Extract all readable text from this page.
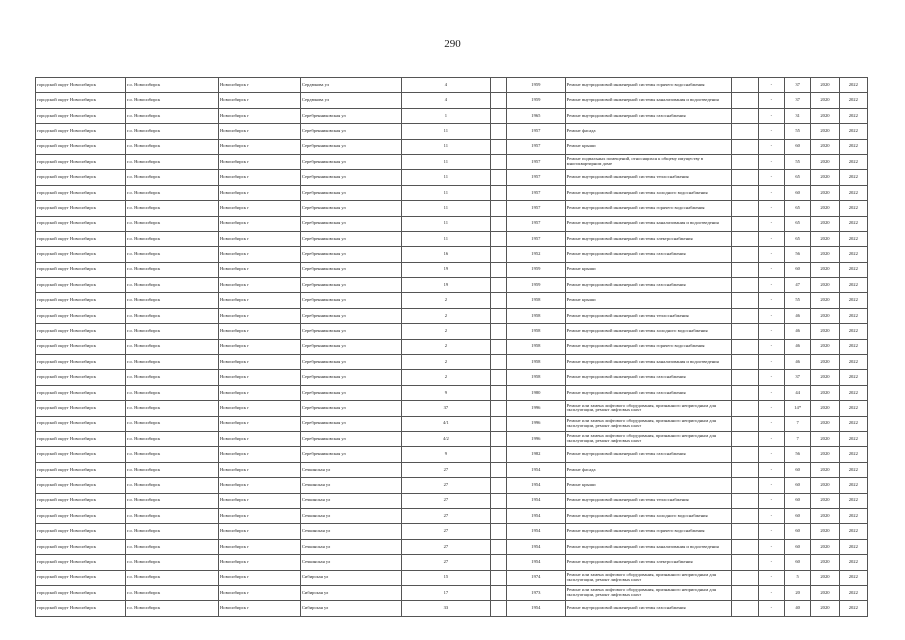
290
городской округ Новосибирск	г.о. Новосибирск	Новосибирск г	Сердюкова ул	4		1959	Ремонт внутридомовой инженерной системы горячего водоснабжения		-	37	2020	2022
городской округ Новосибирск	г.о. Новосибирск	Новосибирск г	Сердюкова ул	4		1959	Ремонт внутридомовой инженерной системы канализования и водоотведения		-	37	2020	2022
городской округ Новосибирск	г.о. Новосибирск	Новосибирск г	Серебренниковская ул	1		1965	Ремонт внутридомовой инженерной системы газоснабжения		-	31	2020	2022
городской округ Новосибирск	г.о. Новосибирск	Новосибирск г	Серебренниковская ул	11		1957	Ремонт фасада		-	55	2020	2022
городской округ Новосибирск	г.о. Новосибирск	Новосибирск г	Серебренниковская ул	11		1957	Ремонт крыши		-	60	2020	2022
городской округ Новосибирск	г.о. Новосибирск	Новосибирск г	Серебренниковская ул	11		1957	Ремонт подвальных помещений, относящихся к общему имуществу в многоквартирном доме		-	55	2020	2022
городской округ Новосибирск	г.о. Новосибирск	Новосибирск г	Серебренниковская ул	11		1957	Ремонт внутридомовой инженерной системы теплоснабжения		-	65	2020	2022
городской округ Новосибирск	г.о. Новосибирск	Новосибирск г	Серебренниковская ул	11		1957	Ремонт внутридомовой инженерной системы холодного водоснабжения		-	60	2020	2022
городской округ Новосибирск	г.о. Новосибирск	Новосибирск г	Серебренниковская ул	11		1957	Ремонт внутридомовой инженерной системы горячего водоснабжения		-	65	2020	2022
городской округ Новосибирск	г.о. Новосибирск	Новосибирск г	Серебренниковская ул	11		1957	Ремонт внутридомовой инженерной системы канализования и водоотведения		-	65	2020	2022
городской округ Новосибирск	г.о. Новосибирск	Новосибирск г	Серебренниковская ул	11		1957	Ремонт внутридомовой инженерной системы электроснабжения		-	65	2020	2022
городской округ Новосибирск	г.о. Новосибирск	Новосибирск г	Серебренниковская ул	16		1952	Ремонт внутридомовой инженерной системы газоснабжения		-	56	2020	2022
городской округ Новосибирск	г.о. Новосибирск	Новосибирск г	Серебренниковская ул	19		1959	Ремонт крыши		-	60	2020	2022
городской округ Новосибирск	г.о. Новосибирск	Новосибирск г	Серебренниковская ул	19		1959	Ремонт внутридомовой инженерной системы газоснабжения		-	47	2020	2022
городской округ Новосибирск	г.о. Новосибирск	Новосибирск г	Серебренниковская ул	2		1958	Ремонт крыши		-	55	2020	2022
городской округ Новосибирск	г.о. Новосибирск	Новосибирск г	Серебренниковская ул	2		1958	Ремонт внутридомовой инженерной системы теплоснабжения		-	46	2020	2022
городской округ Новосибирск	г.о. Новосибирск	Новосибирск г	Серебренниковская ул	2		1958	Ремонт внутридомовой инженерной системы холодного водоснабжения		-	46	2020	2022
городской округ Новосибирск	г.о. Новосибирск	Новосибирск г	Серебренниковская ул	2		1958	Ремонт внутридомовой инженерной системы горячего водоснабжения		-	46	2020	2022
городской округ Новосибирск	г.о. Новосибирск	Новосибирск г	Серебренниковская ул	2		1958	Ремонт внутридомовой инженерной системы канализования и водоотведения		-	46	2020	2022
городской округ Новосибирск	г.о. Новосибирск	Новосибирск г	Серебренниковская ул	2		1958	Ремонт внутридомовой инженерной системы газоснабжения		-	37	2020	2022
городской округ Новосибирск	г.о. Новосибирск	Новосибирск г	Серебренниковская ул	9		1980	Ремонт внутридомовой инженерной системы газоснабжения		-	44	2020	2022
городской округ Новосибирск	г.о. Новосибирск	Новосибирск г	Серебренниковская ул	37		1996	Ремонт или замена лифтового оборудования, признанного непригодным для эксплуатации, ремонт лифтовых шахт		-	14*	2020	2022
городской округ Новосибирск	г.о. Новосибирск	Новосибирск г	Серебренниковская ул	4/1		1996	Ремонт или замена лифтового оборудования, признанного непригодным для эксплуатации, ремонт лифтовых шахт		-	7	2020	2022
городской округ Новосибирск	г.о. Новосибирск	Новосибирск г	Серебренниковская ул	4/2		1996	Ремонт или замена лифтового оборудования, признанного непригодным для эксплуатации, ремонт лифтовых шахт		-	7	2020	2022
городской округ Новосибирск	г.о. Новосибирск	Новосибирск г	Серебренниковская ул	9		1982	Ремонт внутридомовой инженерной системы газоснабжения		-	56	2020	2022
городской округ Новосибирск	г.о. Новосибирск	Новосибирск г	Сечкинская ул	27		1954	Ремонт фасада		-	60	2020	2022
городской округ Новосибирск	г.о. Новосибирск	Новосибирск г	Сечкинская ул	27		1954	Ремонт крыши		-	60	2020	2022
городской округ Новосибирск	г.о. Новосибирск	Новосибирск г	Сечкинская ул	27		1954	Ремонт внутридомовой инженерной системы теплоснабжения		-	60	2020	2022
городской округ Новосибирск	г.о. Новосибирск	Новосибирск г	Сечкинская ул	27		1954	Ремонт внутридомовой инженерной системы холодного водоснабжения		-	60	2020	2022
городской округ Новосибирск	г.о. Новосибирск	Новосибирск г	Сечкинская ул	27		1954	Ремонт внутридомовой инженерной системы горячего водоснабжения		-	60	2020	2022
городской округ Новосибирск	г.о. Новосибирск	Новосибирск г	Сечкинская ул	27		1954	Ремонт внутридомовой инженерной системы канализования и водоотведения		-	60	2020	2022
городской округ Новосибирск	г.о. Новосибирск	Новосибирск г	Сечкинская ул	27		1954	Ремонт внутридомовой инженерной системы электроснабжения		-	60	2020	2022
городской округ Новосибирск	г.о. Новосибирск	Новосибирск г	Сибирская ул	15		1974	Ремонт или замена лифтового оборудования, признанного непригодным для эксплуатации, ремонт лифтовых шахт		-	5	2020	2022
городской округ Новосибирск	г.о. Новосибирск	Новосибирск г	Сибирская ул	17		1973	Ремонт или замена лифтового оборудования, признанного непригодным для эксплуатации, ремонт лифтовых шахт		-	20	2020	2022
городской округ Новосибирск	г.о. Новосибирск	Новосибирск г	Сибирская ул	33		1954	Ремонт внутридомовой инженерной системы газоснабжения		-	40	2020	2022
